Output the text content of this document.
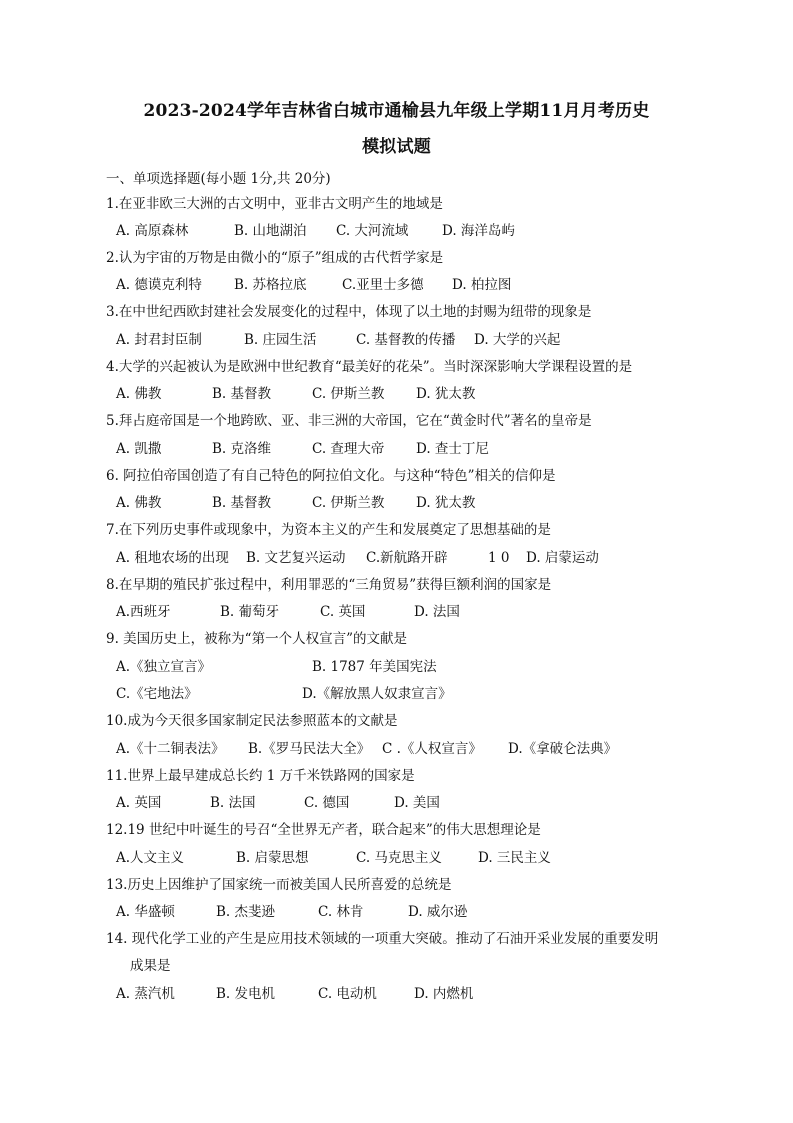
2023-2024学年吉林省白城市通榆县九年级上学期11月月考历史
模拟试题
一、单项选择题(每小题 1分,共 20分)
1.在亚非欧三大洲的古文明中，亚非古文明产生的地域是
A. 高原森林	B. 山地湖泊 C. 大河流域 D. 海洋岛屿
2.认为宇宙的万物是由微小的“原子”组成的古代哲学家是
A. 德谟克利特 B. 苏格拉底	C.亚里士多德 D. 柏拉图
3.在中世纪西欧封建社会发展变化的过程中，体现了以土地的封赐为纽带的现象是
A. 封君封臣制	B. 庄园生活	C. 基督教的传播 D. 大学的兴起
4.大学的兴起被认为是欧洲中世纪教育“最美好的花朵”。当时深深影响大学课程设置的是
A. 佛教	B. 基督教	C. 伊斯兰教 D. 犹太教
5.拜占庭帝国是一个地跨欧、亚、非三洲的大帝国，它在“黄金时代”著名的皇帝是
A. 凯撒	B. 克洛维	C. 查理大帝 D. 查士丁尼
6. 阿拉伯帝国创造了有自己特色的阿拉伯文化。与这种“特色”相关的信仰是
A. 佛教	B. 基督教	C. 伊斯兰教 D. 犹太教
7.在下列历史事件或现象中，为资本主义的产生和发展奠定了思想基础的是
A. 租地农场的出现 B. 文艺复兴运动 C.新航路开辟	1 0 D. 启蒙运动
8.在早期的殖民扩张过程中，利用罪恶的“三角贸易”获得巨额利润的国家是
A.西班牙	B. 葡萄牙	C. 英国	D. 法国
9. 美国历史上，被称为“第一个人权宣言”的文献是
A.《独立宣言》	B. 1787 年美国宪法
C.《宅地法》	D.《解放黑人奴隶宣言》
10.成为今天很多国家制定民法参照蓝本的文献是
A.《十二铜表法》 B.《罗马民法大全》 C .《人权宣言》 D.《拿破仑法典》
11.世界上最早建成总长约 1 万千米铁路网的国家是
A. 英国	B. 法国	C. 德国	D. 美国
12.19 世纪中叶诞生的号召“全世界无产者，联合起来”的伟大思想理论是
A.人文主义	B. 启蒙思想	C. 马克思主义	D. 三民主义
13.历史上因维护了国家统一而被美国人民所喜爱的总统是
A. 华盛顿	B. 杰斐逊	C. 林肯	D. 威尔逊
14. 现代化学工业的产生是应用技术领域的一项重大突破。推动了石油开采业发展的重要发明
成果是
A. 蒸汽机	B. 发电机	C. 电动机	D. 内燃机
